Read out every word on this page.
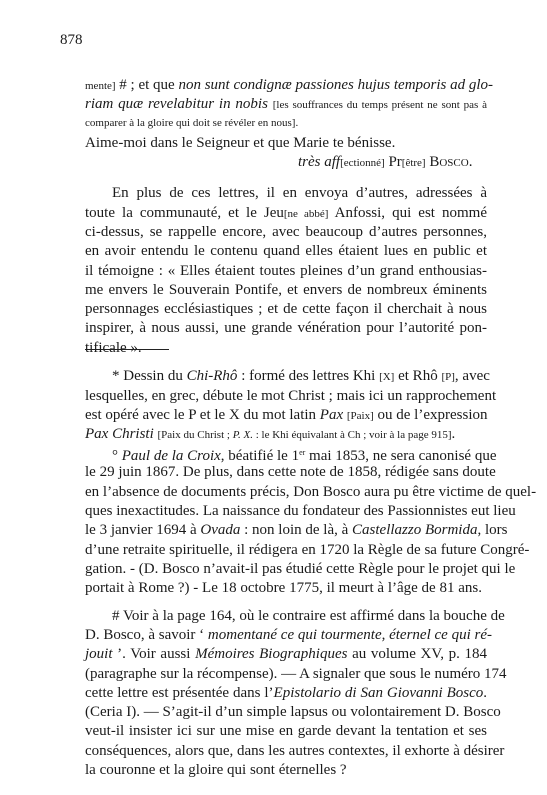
878
mente] # ; et que non sunt condignæ passiones hujus temporis ad glo-
riam quæ revelabitur in nobis [les souffrances du temps présent ne sont pas à
comparer à la gloire qui doit se révéler en nous].
Aime-moi dans le Seigneur et que Marie te bénisse.
très aff[ectionné] Pr[être] Bosco.
En plus de ces lettres, il en envoya d’autres, adressées à
toute la communauté, et le Jeu[ne abbé] Anfossi, qui est nommé
ci-dessus, se rappelle encore, avec beaucoup d’autres personnes,
en avoir entendu le contenu quand elles étaient lues en public et
il témoigne : « Elles étaient toutes pleines d’un grand enthousias-
me envers le Souverain Pontife, et envers de nombreux éminents
personnages ecclésiastiques ; et de cette façon il cherchait à nous
inspirer, à nous aussi, une grande vénération pour l’autorité pon-
tificale ».
* Dessin du Chi-Rhô : formé des lettres Khi [X] et Rhô [P], avec
lesquelles, en grec, débute le mot Christ ; mais ici un rapprochement
est opéré avec le P et le X du mot latin Pax [Paix] ou de l’expression
Pax Christi [Paix du Christ ; P. X. : le Khi équivalant à Ch ; voir à la page 915].
° Paul de la Croix, béatifié le 1er mai 1853, ne sera canonisé que
le 29 juin 1867. De plus, dans cette note de 1858, rédigée sans doute
en l’absence de documents précis, Don Bosco aura pu être victime de quel-
ques inexactitudes. La naissance du fondateur des Passionnistes eut lieu
le 3 janvier 1694 à Ovada : non loin de là, à Castellazzo Bormida, lors
d’une retraite spirituelle, il rédigera en 1720 la Règle de sa future Congré-
gation. - (D. Bosco n’avait-il pas étudié cette Règle pour le projet qui le
portait à Rome ?) - Le 18 octobre 1775, il meurt à l’âge de 81 ans.
# Voir à la page 164, où le contraire est affirmé dans la bouche de
D. Bosco, à savoir ‘ momentané ce qui tourmente, éternel ce qui ré-
jouit ’. Voir aussi Mémoires Biographiques au volume XV, p. 184
(paragraphe sur la récompense). — A signaler que sous le numéro 174
cette lettre est présentée dans l’Epistolario di San Giovanni Bosco.
(Ceria I). — S’agit-il d’un simple lapsus ou volontairement D. Bosco
veut-il insister ici sur une mise en garde devant la tentation et ses
conséquences, alors que, dans les autres contextes, il exhorte à désirer
la couronne et la gloire qui sont éternelles ?
